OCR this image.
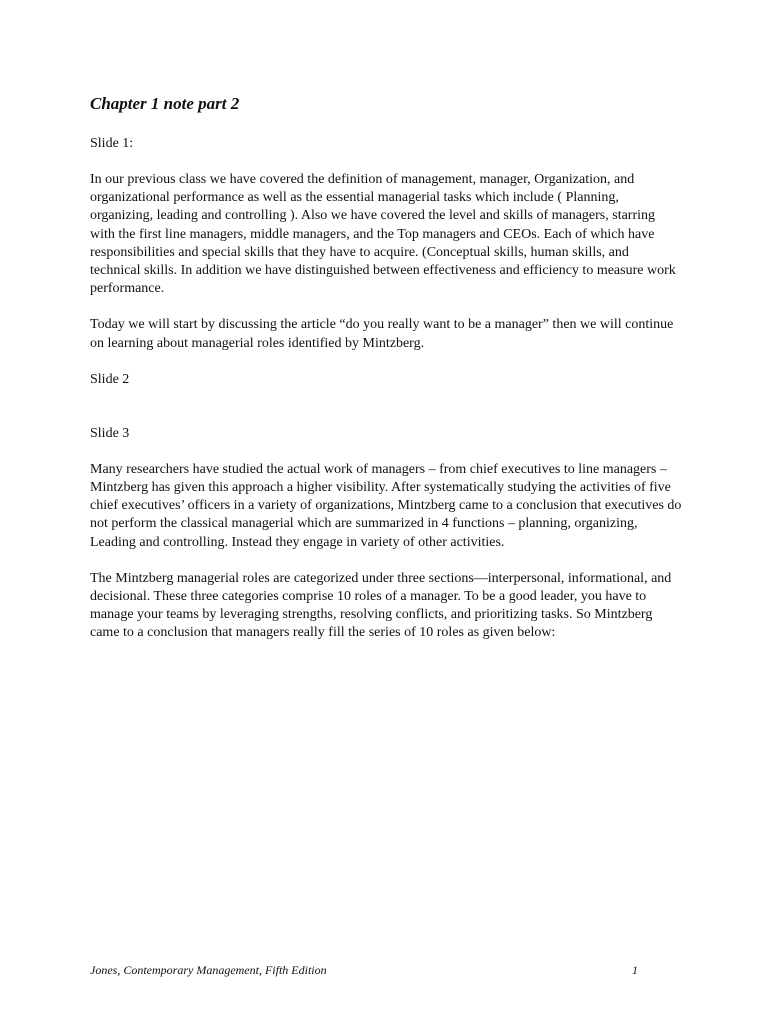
Chapter 1 note part 2
Slide 1:

In our previous class we have covered the definition of management, manager, Organization, and organizational performance as well as the essential managerial tasks which include ( Planning, organizing, leading and controlling ). Also we have covered the level and skills of managers, starring with the first line managers, middle managers, and the Top managers and CEOs. Each of which have responsibilities and special skills that they have to acquire. (Conceptual skills, human skills, and technical skills. In addition we have distinguished between effectiveness and efficiency to measure work performance.

Today we will start by discussing the article “do you really want to be a manager” then we will continue on learning about managerial roles identified by Mintzberg.

Slide 2
Slide 3

Many researchers have studied the actual work of managers – from chief executives to line managers – Mintzberg has given this approach a higher visibility. After systematically studying the activities of five chief executives’ officers in a variety of organizations, Mintzberg came to a conclusion that executives do not perform the classical managerial which are summarized in 4 functions – planning, organizing, Leading and controlling. Instead they engage in variety of other activities.

The Mintzberg managerial roles are categorized under three sections—interpersonal, informational, and decisional. These three categories comprise 10 roles of a manager. To be a good leader, you have to manage your teams by leveraging strengths, resolving conflicts, and prioritizing tasks. So Mintzberg came to a conclusion that managers really fill the series of 10 roles as given below:

Jones, Contemporary Management, Fifth Edition	1
